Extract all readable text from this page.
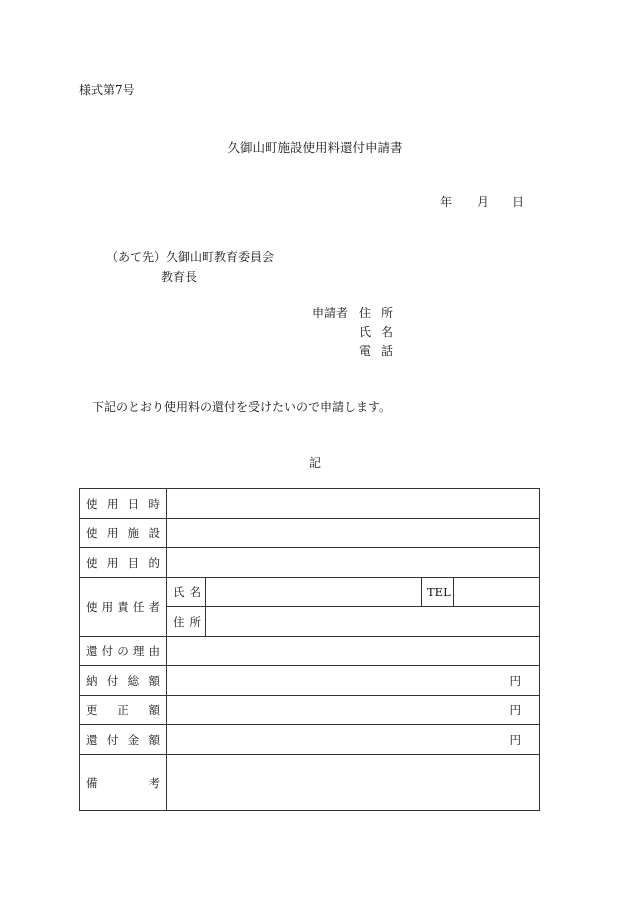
様式第7号
久御山町施設使用料還付申請書
年 月 日
（あて先）久御山町教育委員会
教育長
申請者 住所
氏名
電話
下記のとおり使用料の還付を受けたいので申請します。
記
使 用 日 時				

使 用 施 設				

使 用 目 的				

使 用 責 任 者	氏 名		TEL	

	住 所			

還 付 の 理 由				

納 付 総 額	円			

更 正 額	円			

還 付 金 額	円			

備 考				
